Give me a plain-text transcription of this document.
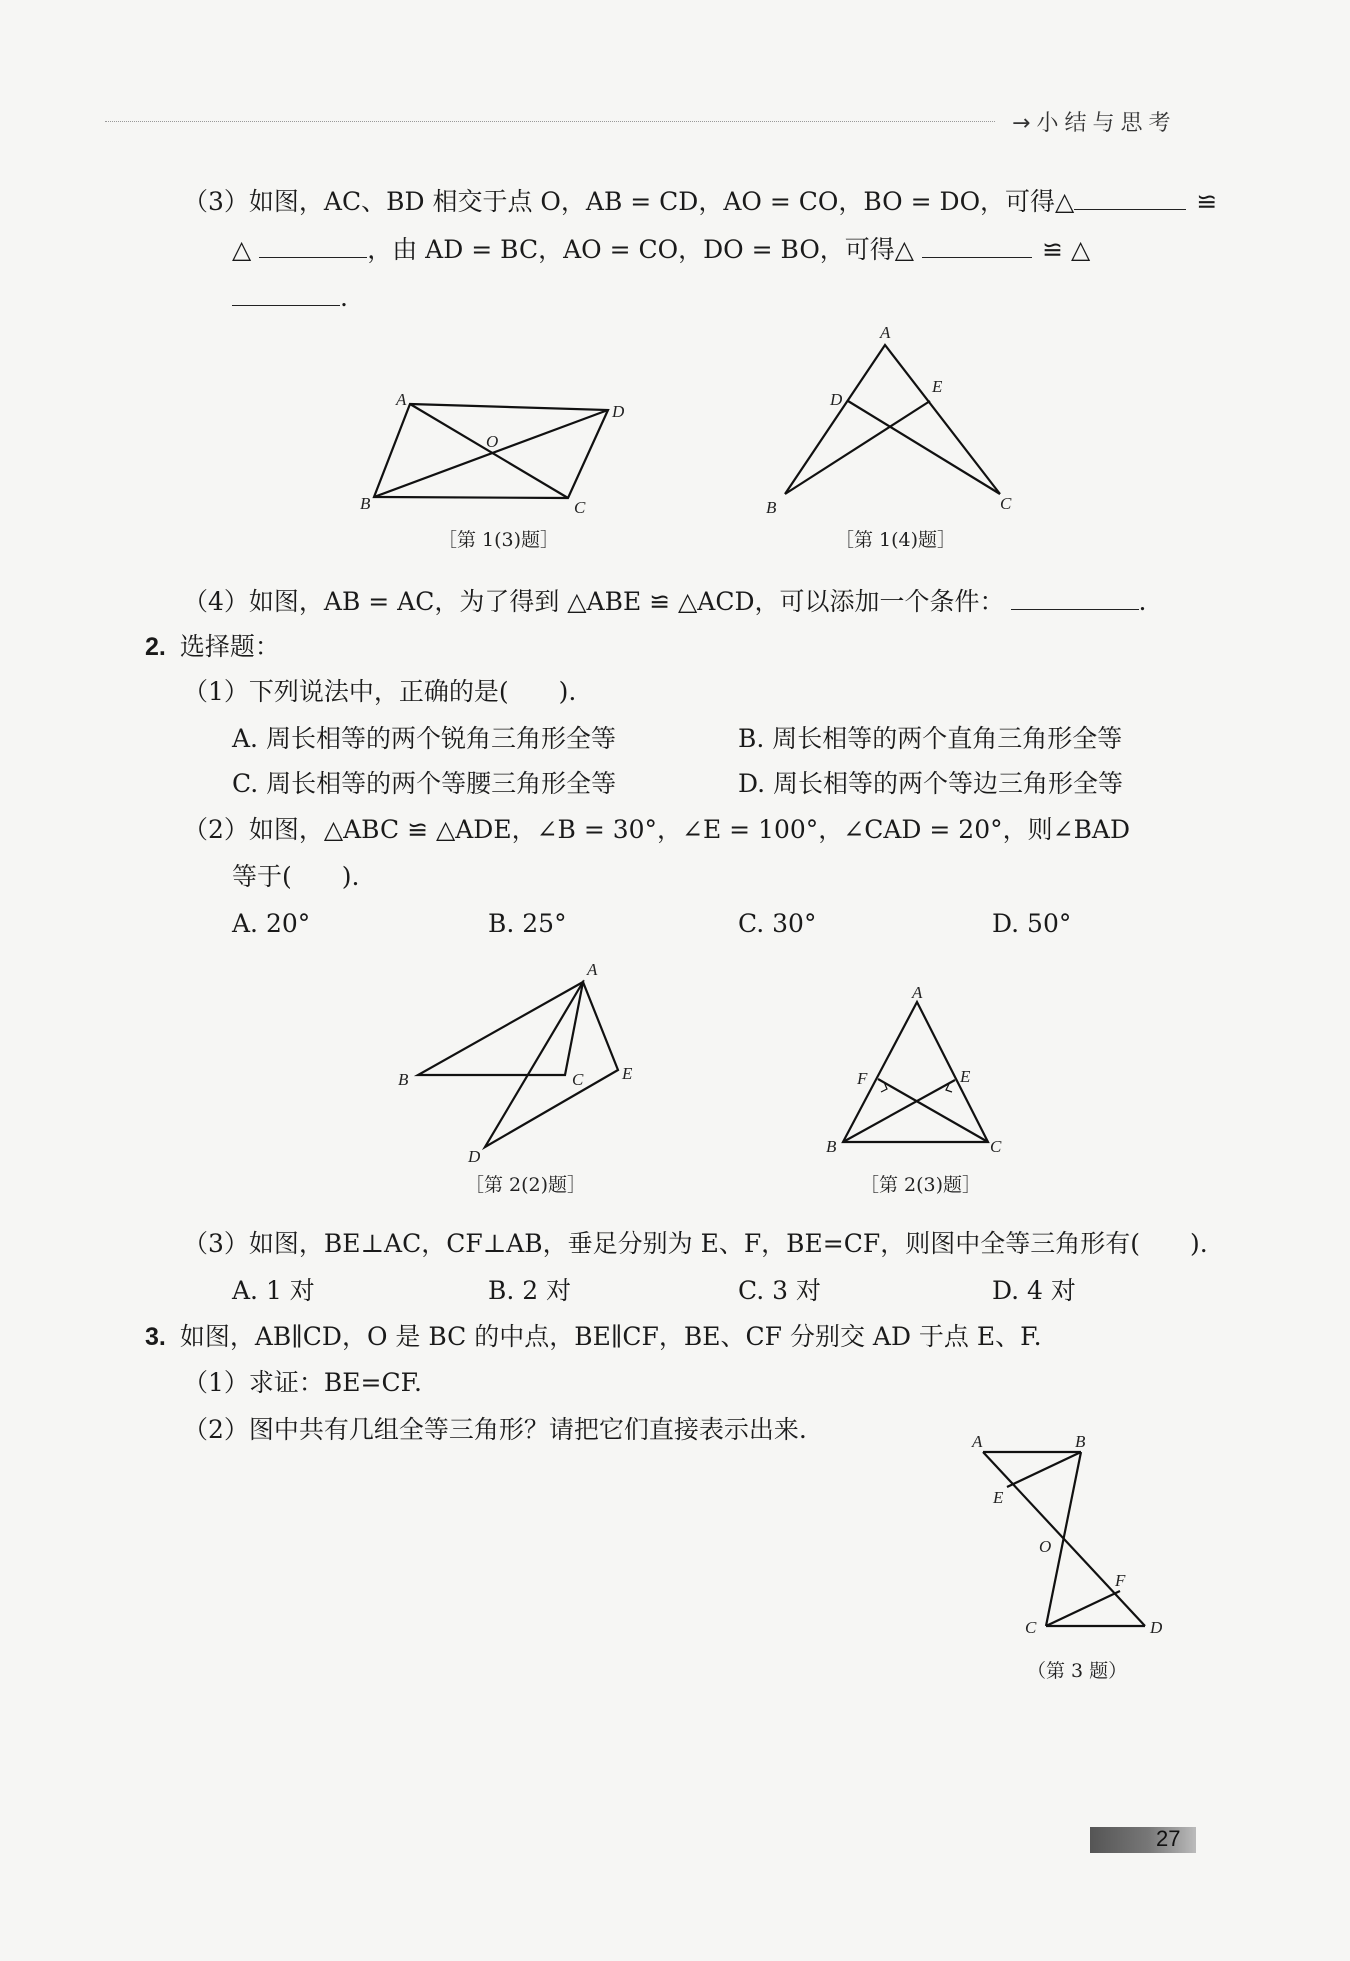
→小结与思考
（3）如图，AC、BD 相交于点 O，AB = CD，AO = CO，BO = DO，可得△	≌
△	，由 AD = BC，AO = CO，DO = BO，可得△	≌ △
.
A
D
O
B	C
［第 1(3)题］
A
D
E
B	C
［第 1(4)题］
（4）如图，AB = AC，为了得到 △ABE ≌ △ACD，可以添加一个条件：	.
2. 选择题：
（1）下列说法中，正确的是(　　).
A. 周长相等的两个锐角三角形全等	B. 周长相等的两个直角三角形全等
C. 周长相等的两个等腰三角形全等	D. 周长相等的两个等边三角形全等
（2）如图，△ABC ≌ △ADE，∠B = 30°，∠E = 100°，∠CAD = 20°，则∠BAD
等于(　　).
A. 20°	B. 25°	C. 30°	D. 50°
A
B	C E
D
［第 2(2)题］
A
F	E
B	C
［第 2(3)题］
（3）如图，BE⊥AC，CF⊥AB，垂足分别为 E、F，BE=CF，则图中全等三角形有(　　).
A. 1 对	B. 2 对	C. 3 对	D. 4 对
3. 如图，AB∥CD，O 是 BC 的中点，BE∥CF，BE、CF 分别交 AD 于点 E、F.
（1）求证：BE=CF.
（2）图中共有几组全等三角形？请把它们直接表示出来.	A	B
E
O
F
C	D
（第 3 题）
27
